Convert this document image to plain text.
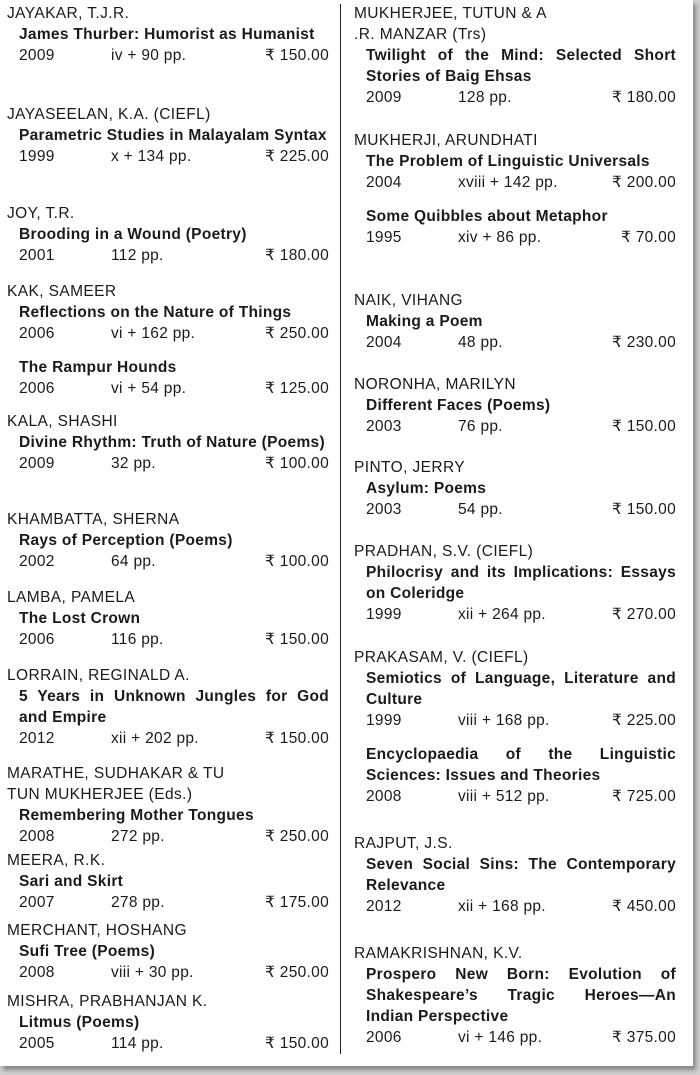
JAYAKAR, T.J.R.
James Thurber: Humorist as Humanist
2009	iv + 90 pp.	₹ 150.00
JAYASEELAN, K.A. (CIEFL)
Parametric Studies in Malayalam Syntax
1999	x + 134 pp.	₹ 225.00
JOY, T.R.
Brooding in a Wound (Poetry)
2001	112 pp.	₹ 180.00
KAK, SAMEER
Reflections on the Nature of Things
2006	vi + 162 pp.	₹ 250.00
The Rampur Hounds
2006	vi + 54 pp.	₹ 125.00
KALA, SHASHI
Divine Rhythm: Truth of Nature (Poems)
2009	32 pp.	₹ 100.00
KHAMBATTA, SHERNA
Rays of Perception (Poems)
2002	64 pp.	₹ 100.00
LAMBA, PAMELA
The Lost Crown
2006	116 pp.	₹ 150.00
LORRAIN, REGINALD A.
5 Years in Unknown Jungles for God and Empire
2012	xii + 202 pp.	₹ 150.00
MARATHE, SUDHAKAR & TU
TUN MUKHERJEE (Eds.)
Remembering Mother Tongues
2008	272 pp.	₹ 250.00
MEERA, R.K.
Sari and Skirt
2007	278 pp.	₹ 175.00
MERCHANT, HOSHANG
Sufi Tree (Poems)
2008	viii + 30 pp.	₹ 250.00
MISHRA, PRABHANJAN K.
Litmus (Poems)
2005	114 pp.	₹ 150.00
MUKHERJEE, TUTUN & A
.R. MANZAR (Trs)
Twilight of the Mind: Selected Short Stories of Baig Ehsas
2009	128 pp.	₹ 180.00
MUKHERJI, ARUNDHATI
The Problem of Linguistic Universals
2004	xviii + 142 pp.	₹ 200.00
Some Quibbles about Metaphor
1995	xiv + 86 pp.	₹ 70.00
NAIK, VIHANG
Making a Poem
2004	48 pp.	₹ 230.00
NORONHA, MARILYN
Different Faces (Poems)
2003	76 pp.	₹ 150.00
PINTO, JERRY
Asylum: Poems
2003	54 pp.	₹ 150.00
PRADHAN, S.V. (CIEFL)
Philocrisy and its Implications: Essays on Coleridge
1999	xii + 264 pp.	₹ 270.00
PRAKASAM, V. (CIEFL)
Semiotics of Language, Literature and Culture
1999	viii + 168 pp.	₹ 225.00
Encyclopaedia of the Linguistic Sciences: Issues and Theories
2008	viii + 512 pp.	₹ 725.00
RAJPUT, J.S.
Seven Social Sins: The Contemporary Relevance
2012	xii + 168 pp.	₹ 450.00
RAMAKRISHNAN, K.V.
Prospero New Born: Evolution of Shakespeare’s Tragic Heroes—An Indian Perspective
2006	vi + 146 pp.	₹ 375.00
